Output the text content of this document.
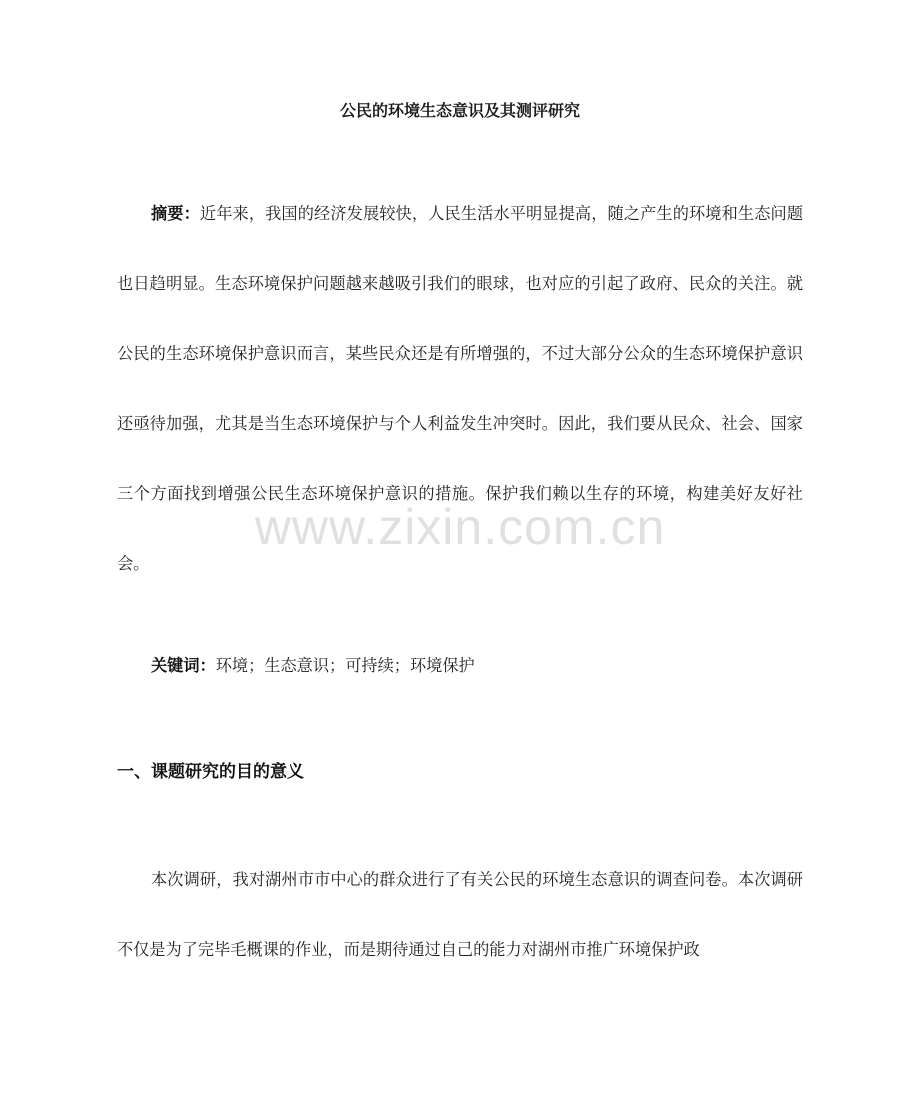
公民的环境生态意识及其测评研究

摘要：近年来，我国的经济发展较快，人民生活水平明显提高，随之产生的环境和生态问题也日趋明显。生态环境保护问题越来越吸引我们的眼球，也对应的引起了政府、民众的关注。就公民的生态环境保护意识而言，某些民众还是有所增强的，不过大部分公众的生态环境保护意识还亟待加强，尤其是当生态环境保护与个人利益发生冲突时。因此，我们要从民众、社会、国家三个方面找到增强公民生态环境保护意识的措施。保护我们赖以生存的环境，构建美好友好社会。

www.zixin.com.cn

关键词：环境；生态意识；可持续；环境保护

一、课题研究的目的意义

本次调研，我对湖州市市中心的群众进行了有关公民的环境生态意识的调查问卷。本次调研不仅是为了完毕毛概课的作业，而是期待通过自己的能力对湖州市推广环境保护政
